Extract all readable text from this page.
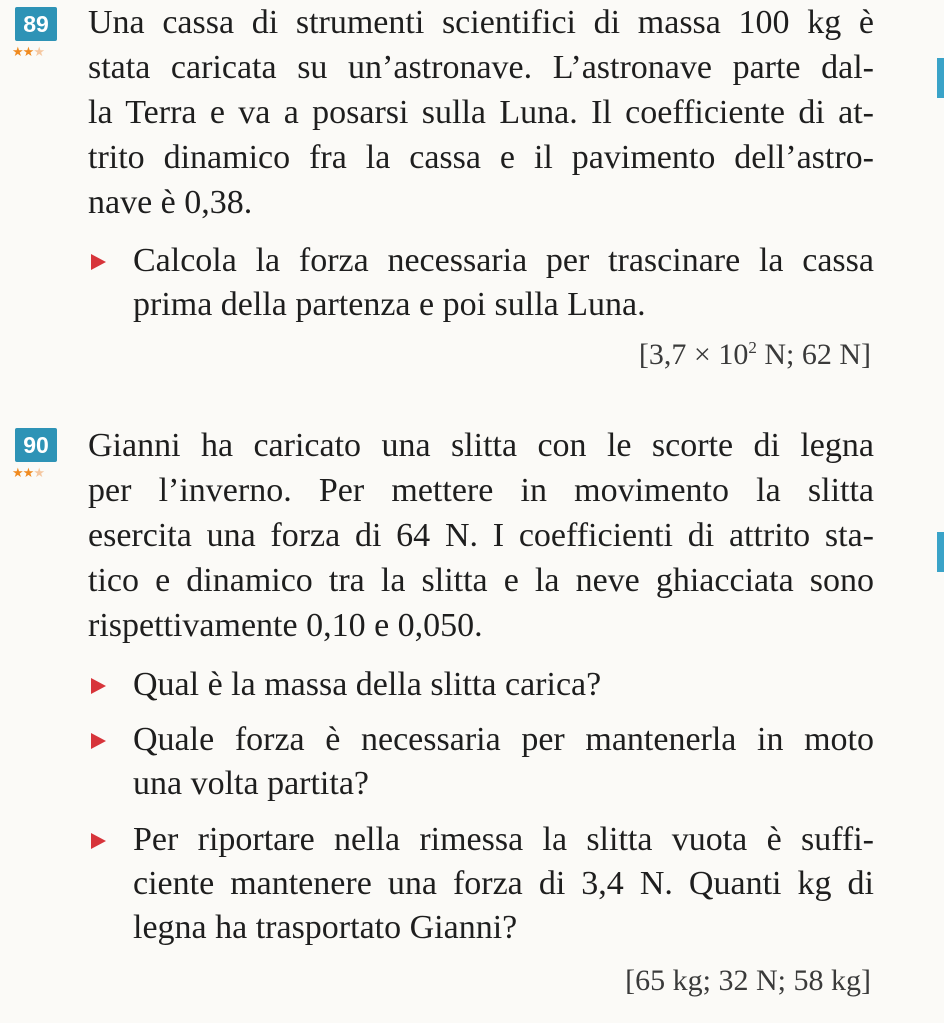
89
★★★
Una cassa di strumenti scientifici di massa 100 kg è
stata caricata su un’astronave. L’astronave parte dal-
la Terra e va a posarsi sulla Luna. Il coefficiente di at-
trito dinamico fra la cassa e il pavimento dell’astro-
nave è 0,38.
Calcola la forza necessaria per trascinare la cassa
prima della partenza e poi sulla Luna.
[$3,7 \times 10^2$ N; 62 N]
90
★★★
Gianni ha caricato una slitta con le scorte di legna
per l’inverno. Per mettere in movimento la slitta
esercita una forza di 64 N. I coefficienti di attrito sta-
tico e dinamico tra la slitta e la neve ghiacciata sono
rispettivamente 0,10 e 0,050.
Qual è la massa della slitta carica?
Quale forza è necessaria per mantenerla in moto
una volta partita?
Per riportare nella rimessa la slitta vuota è suffi-
ciente mantenere una forza di 3,4 N. Quanti kg di
legna ha trasportato Gianni?
[65 kg; 32 N; 58 kg]
